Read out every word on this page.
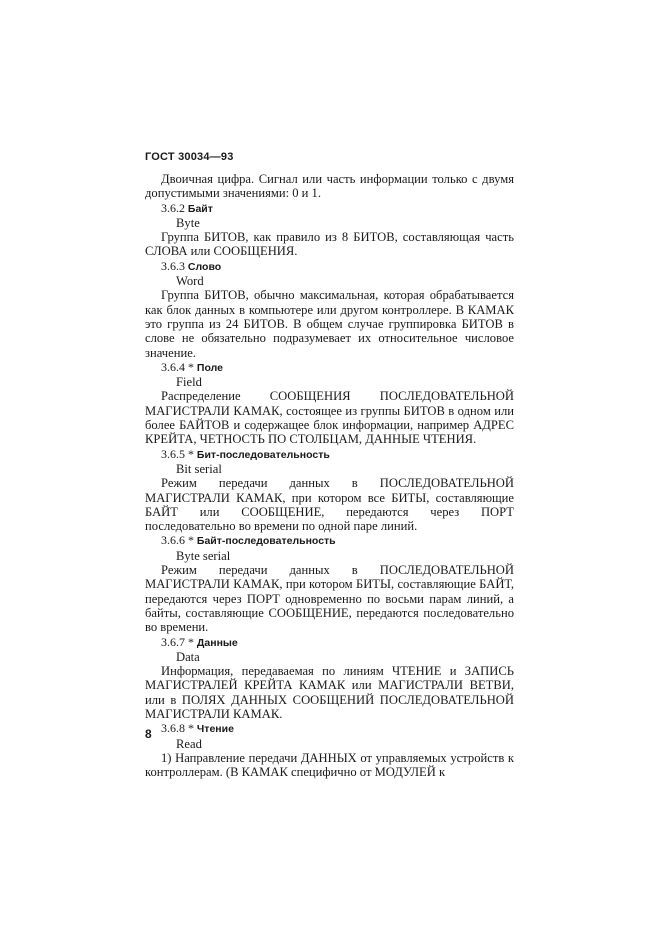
ГОСТ 30034—93

Двоичная цифра. Сигнал или часть информации только с двумя допустимыми значениями: 0 и 1.

3.6.2 Байт

Byte

Группа БИТОВ, как правило из 8 БИТОВ, составляющая часть СЛОВА или СООБЩЕНИЯ.

3.6.3 Слово

Word

Группа БИТОВ, обычно максимальная, которая обрабатывается как блок данных в компьютере или другом контроллере. В КАМАК это группа из 24 БИТОВ. В общем случае группировка БИТОВ в слове не обязательно подразумевает их относительное числовое значение.

3.6.4 * Поле

Field

Распределение СООБЩЕНИЯ ПОСЛЕДОВАТЕЛЬНОЙ МАГИСТРАЛИ КАМАК, состоящее из группы БИТОВ в одном или более БАЙТОВ и содержащее блок информации, например АДРЕС КРЕЙТА, ЧЕТНОСТЬ ПО СТОЛБЦАМ, ДАННЫЕ ЧТЕНИЯ.

3.6.5 * Бит-последовательность

Bit serial

Режим передачи данных в ПОСЛЕДОВАТЕЛЬНОЙ МАГИСТРАЛИ КАМАК, при котором все БИТЫ, составляющие БАЙТ или СООБЩЕНИЕ, передаются через ПОРТ последовательно во времени по одной паре линий.

3.6.6 * Байт-последовательность

Byte serial

Режим передачи данных в ПОСЛЕДОВАТЕЛЬНОЙ МАГИСТРАЛИ КАМАК, при котором БИТЫ, составляющие БАЙТ, передаются через ПОРТ одновременно по восьми парам линий, а байты, составляющие СООБЩЕНИЕ, передаются последовательно во времени.

3.6.7 * Данные

Data

Информация, передаваемая по линиям ЧТЕНИЕ и ЗАПИСЬ МАГИСТРАЛЕЙ КРЕЙТА КАМАК или МАГИСТРАЛИ ВЕТВИ, или в ПОЛЯХ ДАННЫХ СООБЩЕНИЙ ПОСЛЕДОВАТЕЛЬНОЙ МАГИСТРАЛИ КАМАК.

3.6.8 * Чтение

Read

1) Направление передачи ДАННЫХ от управляемых устройств к контроллерам. (В КАМАК специфично от МОДУЛЕЙ к

8
